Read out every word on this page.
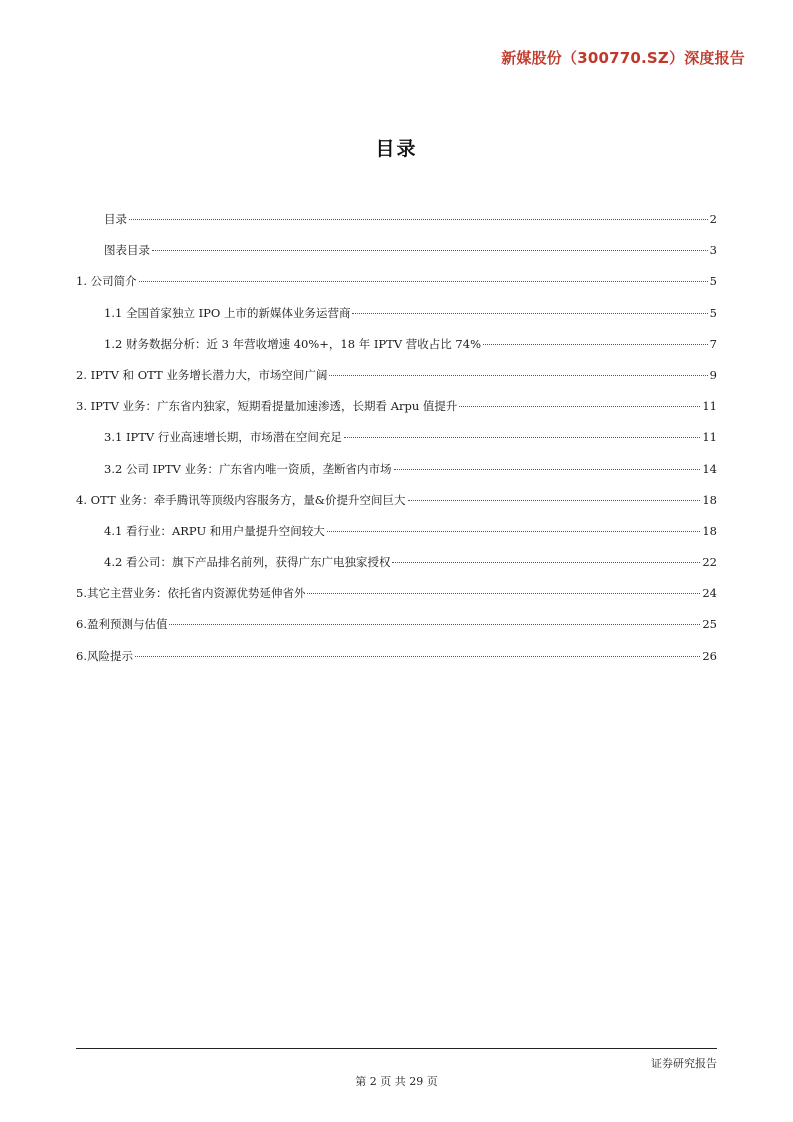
新媒股份（300770.SZ）深度报告
目录
目录	2
图表目录	3
1. 公司简介	5
1.1 全国首家独立 IPO 上市的新媒体业务运营商	5
1.2 财务数据分析：近 3 年营收增速 40%+，18 年 IPTV 营收占比 74%	7
2. IPTV 和 OTT 业务增长潜力大，市场空间广阔	9
3. IPTV 业务：广东省内独家，短期看提量加速渗透，长期看 Arpu 值提升	11
3.1 IPTV 行业高速增长期，市场潜在空间充足	11
3.2 公司 IPTV 业务：广东省内唯一资质，垄断省内市场	14
4. OTT 业务：牵手腾讯等顶级内容服务方，量&价提升空间巨大	18
4.1 看行业：ARPU 和用户量提升空间较大	18
4.2 看公司：旗下产品排名前列，获得广东广电独家授权	22
5.其它主营业务：依托省内资源优势延伸省外	24
6.盈利预测与估值	25
6.风险提示	26
证券研究报告
第 2 页 共 29 页
